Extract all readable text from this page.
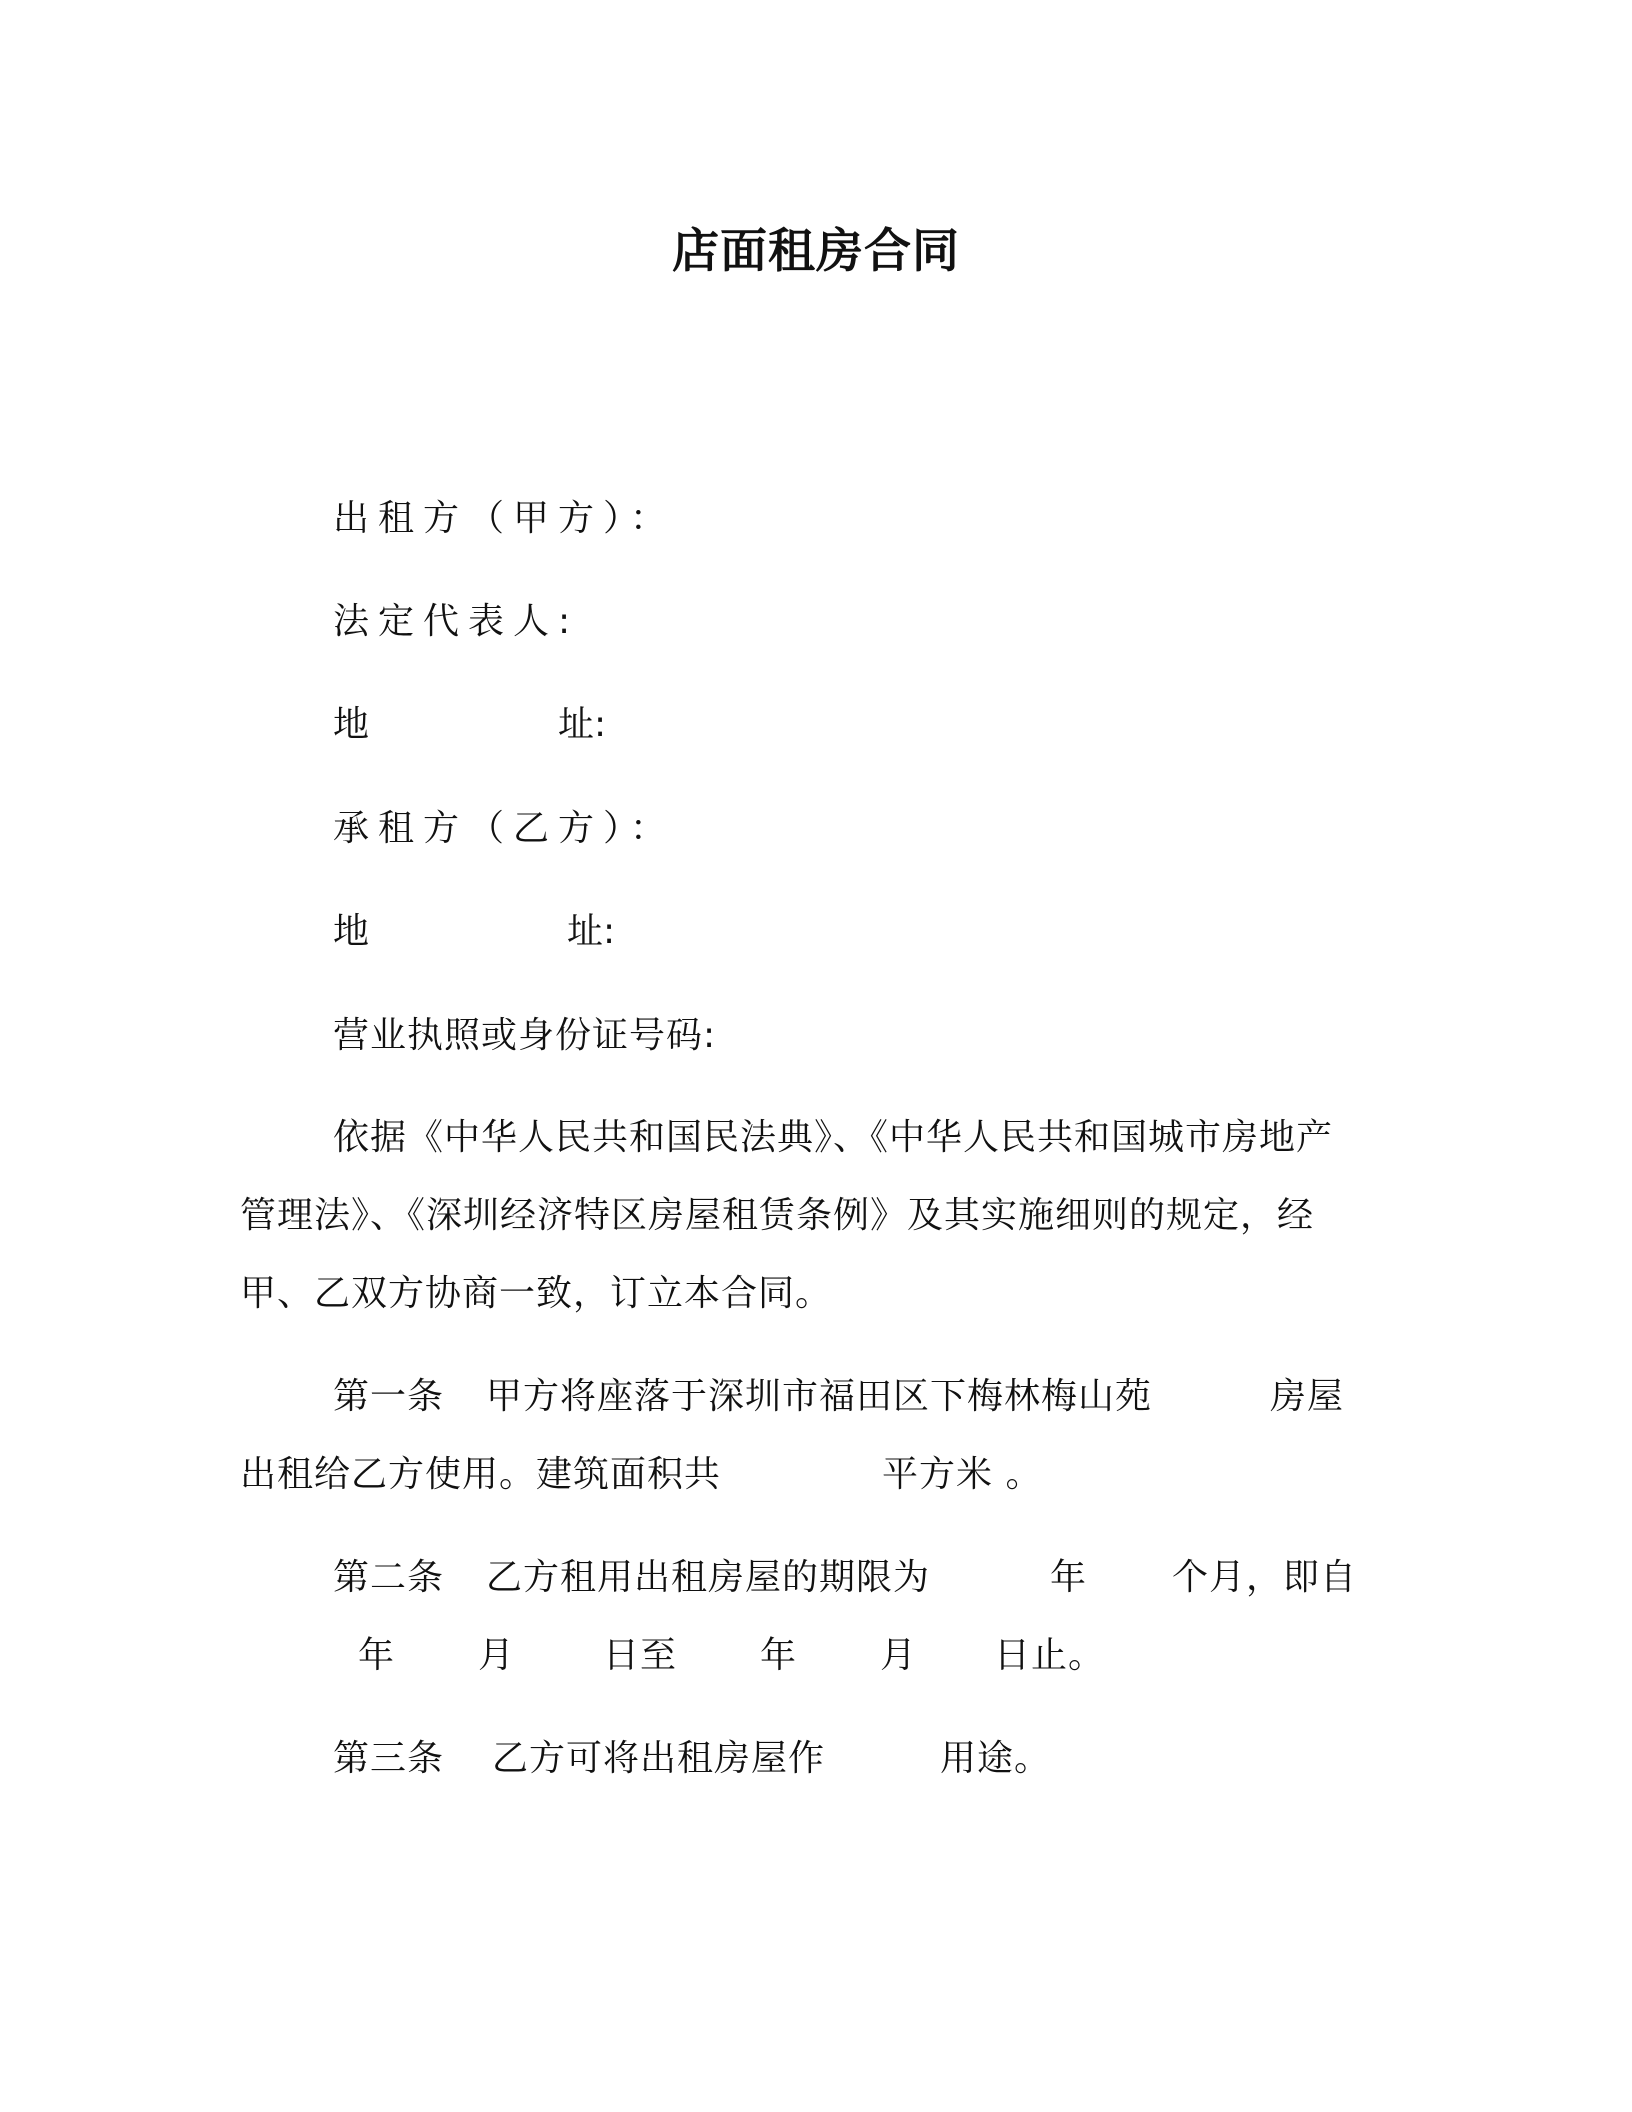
店面租房合同
出租方（甲方）：
法定代表人:
地	址:
承租方（乙方）：
地	址:
营业执照或身份证号码:
依据《中华人民共和国民法典》、《中华人民共和国城市房地产
管理法》、《深圳经济特区房屋租赁条例》及其实施细则的规定，经
甲、乙双方协商一致，订立本合同。
第一条 甲方将座落于深圳市福田区下梅林梅山苑	房屋
出租给乙方使用。建筑面积共	平方米 。
第二条 乙方租用出租房屋的期限为	年 个月，即自
年 月 日至 年 月 日止。
第三条 乙方可将出租房屋作	用途。
